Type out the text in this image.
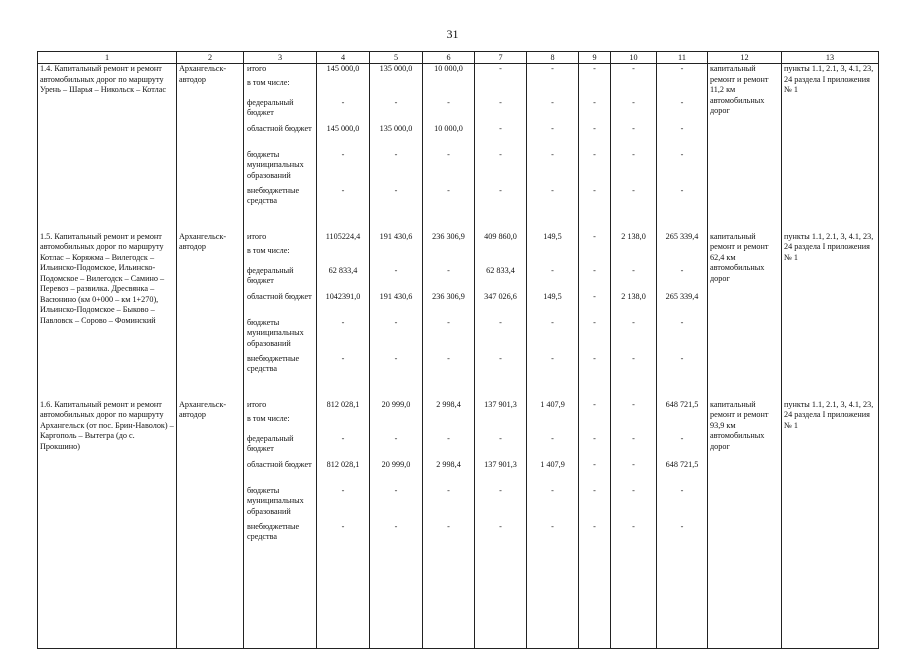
31
1	2	3	4	5	6	7	8	9	10	11	12	13
1.4. Капитальный ремонт и ремонт автомобильных дорог по маршруту Урень – Шарья – Никольск – Котлас	Архангельск-автодор	итого	145 000,0	135 000,0	10 000,0	-	-	-	-	-	капитальный ремонт и ремонт 11,2 км автомобильных дорог	пункты 1.1, 2.1, 3, 4.1, 23, 24 раздела I приложения № 1
		в том числе:										
		федеральный бюджет	-	-	-	-	-	-	-	-		
		областной бюджет	145 000,0	135 000,0	10 000,0	-	-	-	-	-		
		бюджеты муниципальных образований	-	-	-	-	-	-	-	-		
		внебюджетные средства	-	-	-	-	-	-	-	-		

1.5. Капитальный ремонт и ремонт автомобильных дорог по маршруту Котлас – Коряжма – Вилегодск – Ильинско-Подомское, Ильинско-Подомское – Вилегодск – Самино – Перевоз – развилка. Дресвянка – Васюнино (км 0+000 – км 1+270), Ильинско-Подомское – Быково – Павловск – Сорово – Фоминский	Архангельск-автодор	итого	1105224,4	191 430,6	236 306,9	409 860,0	149,5	-	2 138,0	265 339,4	капитальный ремонт и ремонт 62,4 км автомобильных дорог	пункты 1.1, 2.1, 3, 4.1, 23, 24 раздела I приложения № 1
		в том числе:										
		федеральный бюджет	62 833,4	-	-	62 833,4	-	-	-	-		
		областной бюджет	1042391,0	191 430,6	236 306,9	347 026,6	149,5	-	2 138,0	265 339,4		
		бюджеты муниципальных образований	-	-	-	-	-	-	-	-		
		внебюджетные средства	-	-	-	-	-	-	-	-		

1.6. Капитальный ремонт и ремонт автомобильных дорог по маршруту Архангельск (от пос. Брин-Наволок) – Каргополь – Вытегра (до с. Прокшино)	Архангельск-автодор	итого	812 028,1	20 999,0	2 998,4	137 901,3	1 407,9	-	-	648 721,5	капитальный ремонт и ремонт 93,9 км автомобильных дорог	пункты 1.1, 2.1, 3, 4.1, 23, 24 раздела I приложения № 1
		в том числе:										
		федеральный бюджет	-	-	-	-	-	-	-	-		
		областной бюджет	812 028,1	20 999,0	2 998,4	137 901,3	1 407,9	-	-	648 721,5		
		бюджеты муниципальных образований	-	-	-	-	-	-	-	-		
		внебюджетные средства	-	-	-	-	-	-	-	-		
